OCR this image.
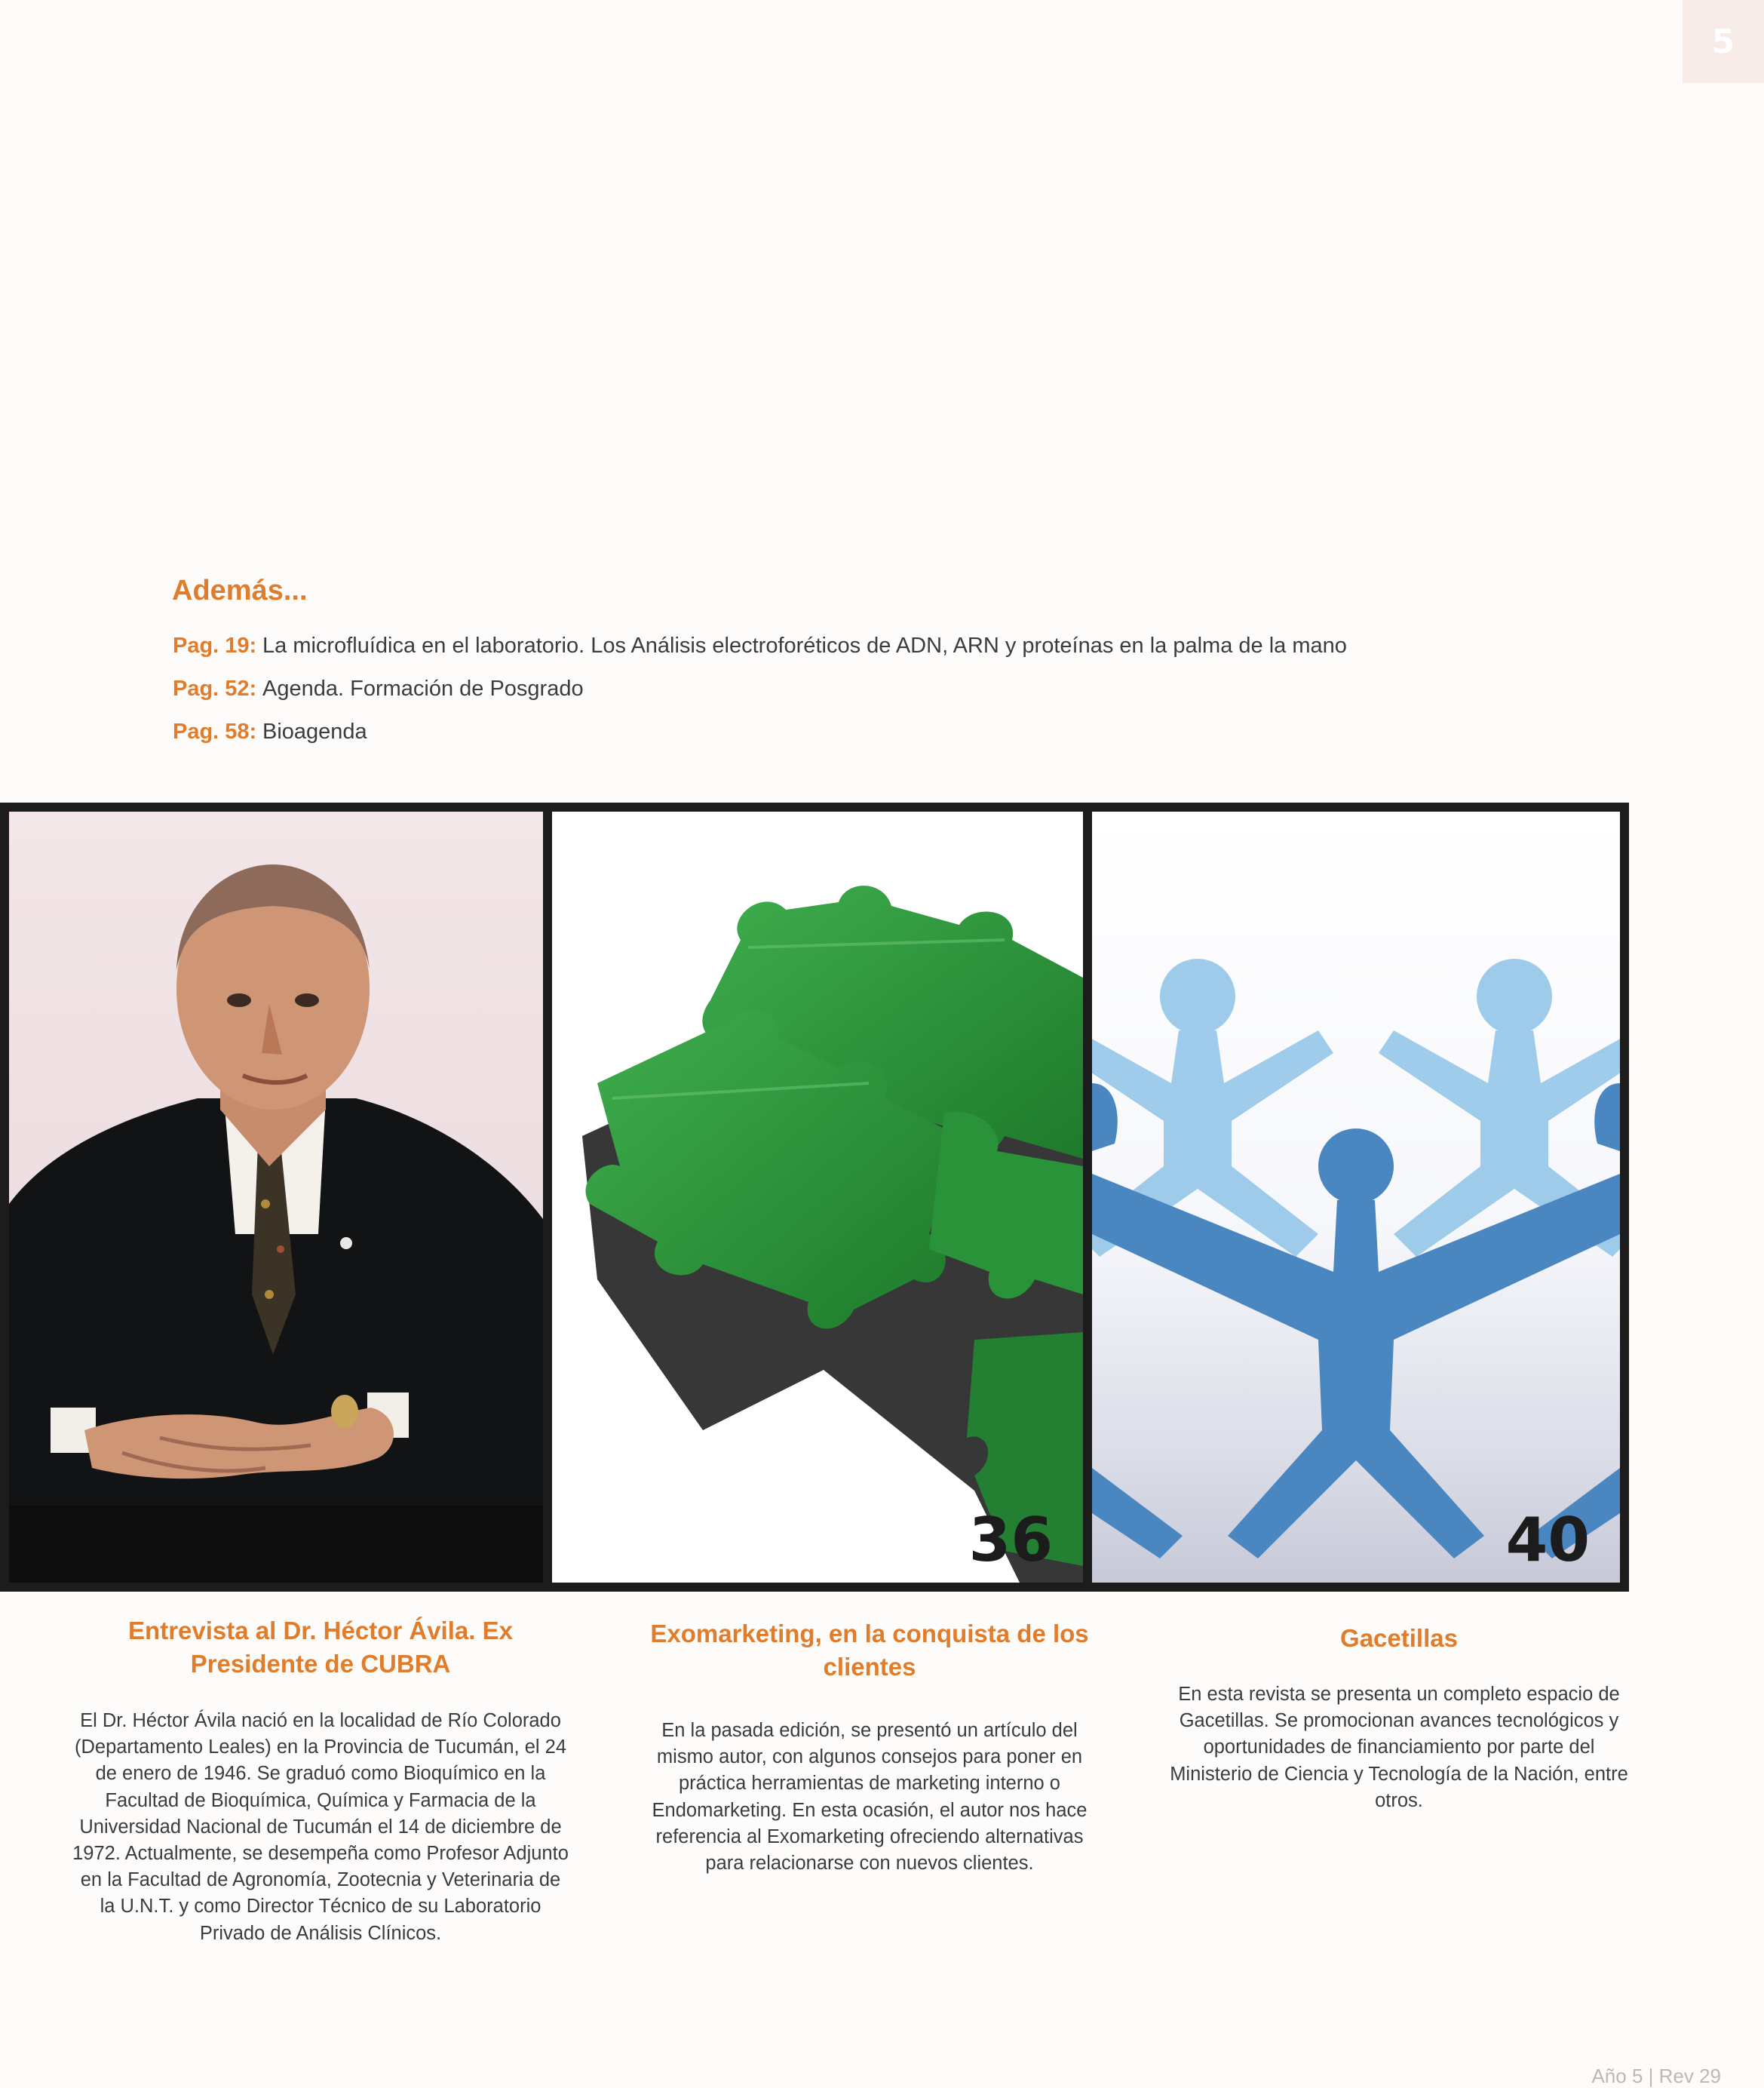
5
Además...
Pag. 19: La microfluídica en el laboratorio. Los Análisis electroforéticos de ADN, ARN y proteínas en la palma de la mano
Pag. 52: Agenda. Formación de Posgrado
Pag. 58: Bioagenda
36	40
Entrevista al Dr. Héctor Ávila. Ex Presidente de CUBRA

El Dr. Héctor Ávila nació en la localidad de Río Colorado (Departamento Leales) en la Provincia de Tucumán, el 24 de enero de 1946. Se graduó como Bioquímico en la Facultad de Bioquímica, Química y Farmacia de la Universidad Nacional de Tucumán el 14 de diciembre de 1972. Actualmente, se desempeña como Profesor Adjunto en la Facultad de Agronomía, Zootecnia y Veterinaria de la U.N.T. y como Director Técnico de su Laboratorio Privado de Análisis Clínicos.

Exomarketing, en la conquista de los clientes

En la pasada edición, se presentó un artículo del mismo autor, con algunos consejos para poner en práctica herramientas de marketing interno o Endomarketing. En esta ocasión, el autor nos hace referencia al Exomarketing ofreciendo alternativas para relacionarse con nuevos clientes.

Gacetillas

En esta revista se presenta un completo espacio de Gacetillas. Se promocionan avances tecnológicos y oportunidades de financiamiento por parte del Ministerio de Ciencia y Tecnología de la Nación, entre otros.

Año 5 | Rev 29
